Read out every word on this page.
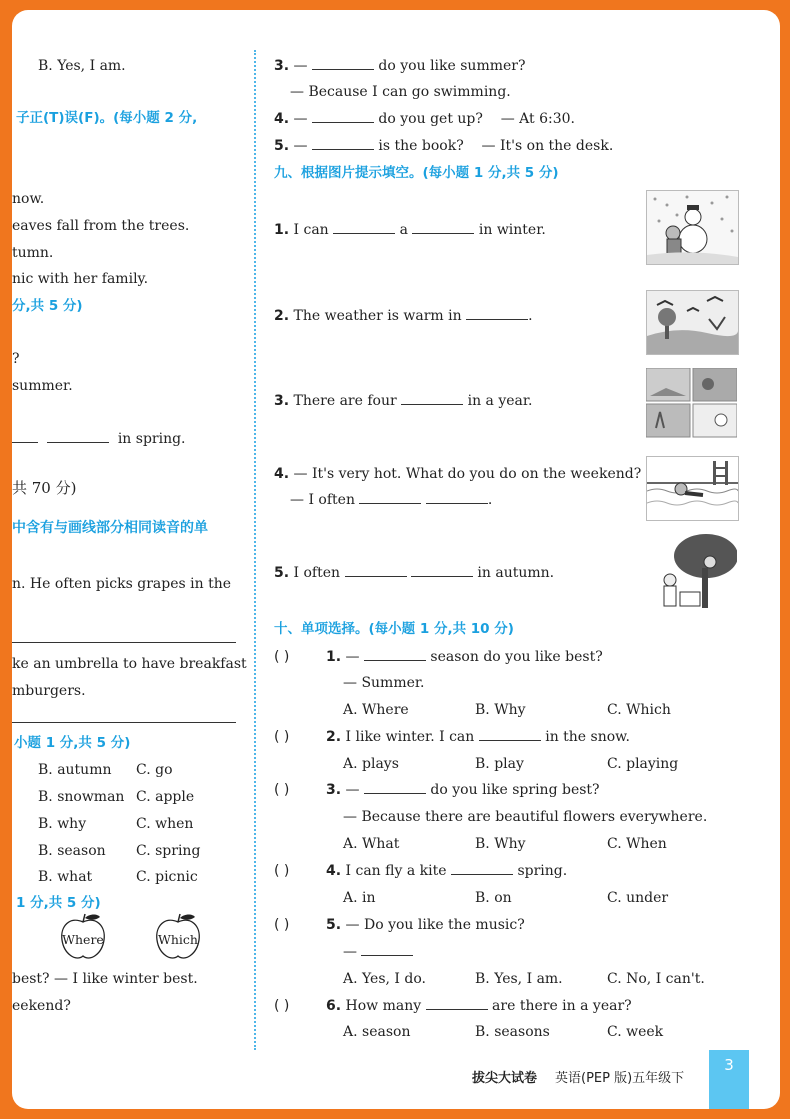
B. Yes, I am.
子正(T)误(F)。(每小题 2 分,
now.
eaves fall from the trees.
tumn.
nic with her family.
分,共 5 分)
?
summer.
in spring.
共 70 分)
中含有与画线部分相同读音的单
n. He often picks grapes in the
ke an umbrella to have breakfast
mburgers.
小题 1 分,共 5 分)
B. autumn C. go
B. snowman C. apple
B. why	C. when
B. season C. spring
B. what	C. picnic
1 分,共 5 分)
Where	Which
best? — I like winter best.
eekend?
3. —	do you like summer?
— Because I can go swimming.
4. —	do you get up? — At 6:30.
5. —	is the book? — It's on the desk.
九、根据图片提示填空。(每小题 1 分,共 5 分)
1. I can	a	in winter.
2. The weather is warm in	.
3. There are four	in a year.
4. — It's very hot. What do you do on the weekend?
— I often	.
5. I often	in autumn.
十、单项选择。(每小题 1 分,共 10 分)
( )	1. —	season do you like best?
— Summer.
A. Where	B. Why	C. Which
( )	2. I like winter. I can	in the snow.
A. plays	B. play	C. playing
( )	3. —	do you like spring best?
— Because there are beautiful flowers everywhere.
A. What	B. Why	C. When
( )	4. I can fly a kite	spring.
A. in	B. on	C. under
( )	5. — Do you like the music?
—
A. Yes, I do.	B. Yes, I am.	C. No, I can't.
( )	6. How many	are there in a year?
A. season	B. seasons	C. week
拔尖大试卷 英语(PEP 版)五年级下
3
